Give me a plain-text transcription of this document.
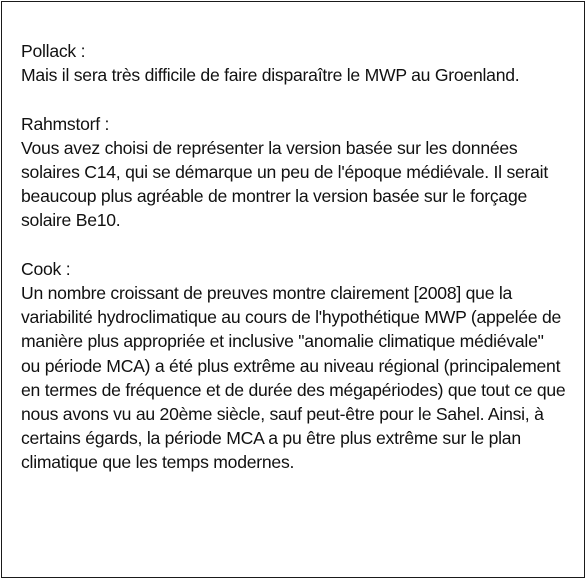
Pollack :
Mais il sera très difficile de faire disparaître le MWP au Groenland.
Rahmstorf :
Vous avez choisi de représenter la version basée sur les données solaires C14, qui se démarque un peu de l'époque médiévale. Il serait beaucoup plus agréable de montrer la version basée sur le forçage solaire Be10.
Cook :
Un nombre croissant de preuves montre clairement [2008] que la variabilité hydroclimatique au cours de l'hypothétique MWP (appelée de manière plus appropriée et inclusive "anomalie climatique médiévale" ou période MCA) a été plus extrême au niveau régional (principalement en termes de fréquence et de durée des mégapériodes) que tout ce que nous avons vu au 20ème siècle, sauf peut-être pour le Sahel. Ainsi, à certains égards, la période MCA a pu être plus extrême sur le plan climatique que les temps modernes.
